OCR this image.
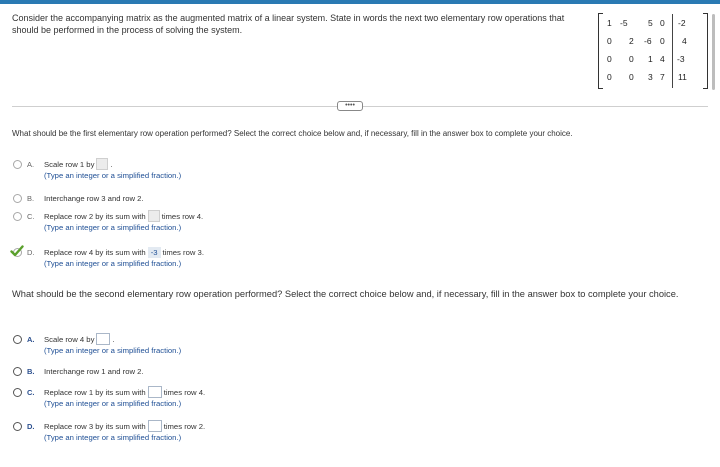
Consider the accompanying matrix as the augmented matrix of a linear system. State in words the next two elementary row operations that should be performed in the process of solving the system.
1 -5 5 0 -2
0 2 -6 0 4
0 0 1 4 -3
0 0 3 7 11
••••
What should be the first elementary row operation performed? Select the correct choice below and, if necessary, fill in the answer box to complete your choice.
A. Scale row 1 by .
(Type an integer or a simplified fraction.)
B. Interchange row 3 and row 2.
C. Replace row 2 by its sum with times row 4.
(Type an integer or a simplified fraction.)
D. Replace row 4 by its sum with -3 times row 3.
(Type an integer or a simplified fraction.)
What should be the second elementary row operation performed? Select the correct choice below and, if necessary, fill in the answer box to complete your choice.
A. Scale row 4 by .
(Type an integer or a simplified fraction.)
B. Interchange row 1 and row 2.
C. Replace row 1 by its sum with times row 4.
(Type an integer or a simplified fraction.)
D. Replace row 3 by its sum with times row 2.
(Type an integer or a simplified fraction.)
